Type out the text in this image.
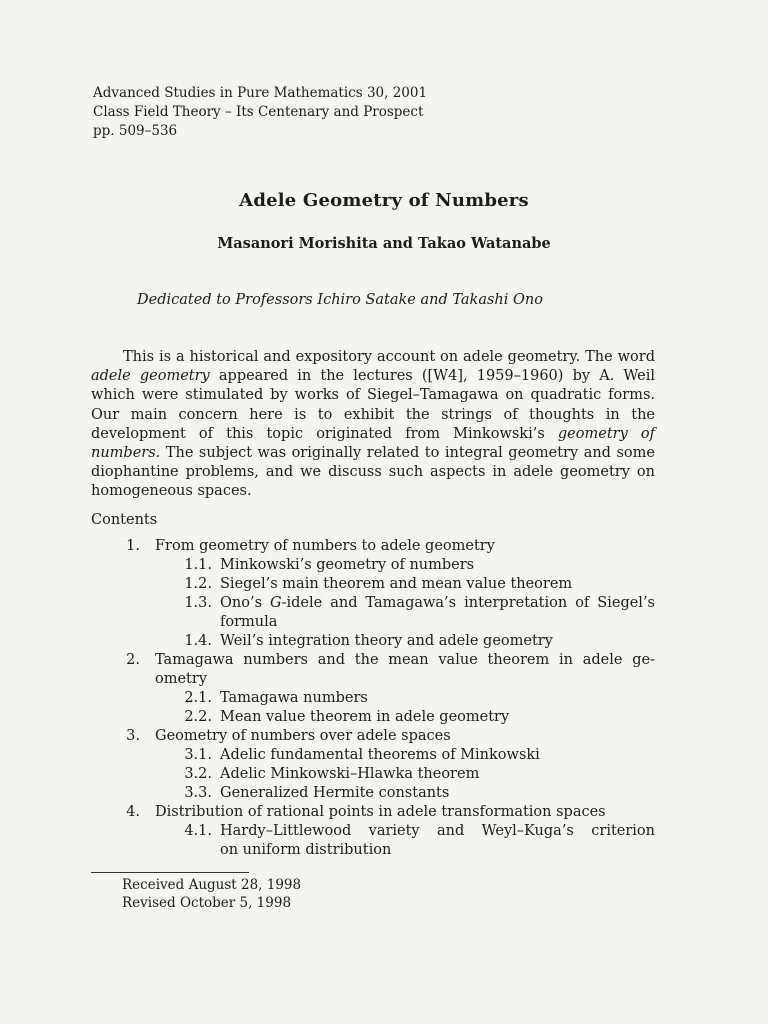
Advanced Studies in Pure Mathematics 30, 2001
Class Field Theory – Its Centenary and Prospect
pp. 509–536
Adele Geometry of Numbers
Masanori Morishita and Takao Watanabe
Dedicated to Professors Ichiro Satake and Takashi Ono
This is a historical and expository account on adele geometry. The word adele geometry appeared in the lectures ([W4], 1959–1960) by A. Weil which were stimulated by works of Siegel–Tamagawa on quadratic forms. Our main concern here is to exhibit the strings of thoughts in the development of this topic originated from Minkowski’s geometry of numbers. The subject was originally related to integral geometry and some diophantine problems, and we discuss such aspects in adele geometry on homogeneous spaces.
Contents
1. From geometry of numbers to adele geometry
1.1. Minkowski’s geometry of numbers
1.2. Siegel’s main theorem and mean value theorem
1.3. Ono’s G-idele and Tamagawa’s interpretation of Siegel’s
formula
1.4. Weil’s integration theory and adele geometry
2. Tamagawa numbers and the mean value theorem in adele ge-
ometry
2.1. Tamagawa numbers
2.2. Mean value theorem in adele geometry
3. Geometry of numbers over adele spaces
3.1. Adelic fundamental theorems of Minkowski
3.2. Adelic Minkowski–Hlawka theorem
3.3. Generalized Hermite constants
4. Distribution of rational points in adele transformation spaces
4.1. Hardy–Littlewood variety and Weyl–Kuga’s criterion
on uniform distribution
Received August 28, 1998
Revised October 5, 1998
